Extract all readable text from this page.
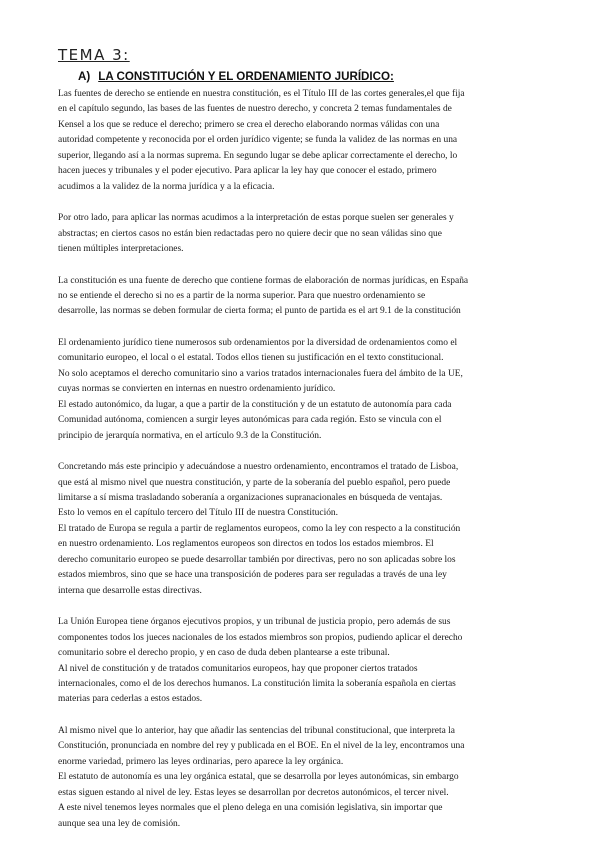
TEMA 3:
A) LA CONSTITUCIÓN Y EL ORDENAMIENTO JURÍDICO:
Las fuentes de derecho se entiende en nuestra constitución, es el Título III de las cortes generales,el que fija
en el capítulo segundo, las bases de las fuentes de nuestro derecho, y concreta 2 temas fundamentales de
Kensel a los que se reduce el derecho; primero se crea el derecho elaborando normas válidas con una
autoridad competente y reconocida por el orden jurídico vigente; se funda la validez de las normas en una
superior, llegando así a la normas suprema. En segundo lugar se debe aplicar correctamente el derecho, lo
hacen jueces y tribunales y el poder ejecutivo. Para aplicar la ley hay que conocer el estado, primero
acudimos a la validez de la norma jurídica y a la eficacia.
Por otro lado, para aplicar las normas acudimos a la interpretación de estas porque suelen ser generales y
abstractas; en ciertos casos no están bien redactadas pero no quiere decir que no sean válidas sino que
tienen múltiples interpretaciones.
La constitución es una fuente de derecho que contiene formas de elaboración de normas jurídicas, en España
no se entiende el derecho si no es a partir de la norma superior. Para que nuestro ordenamiento se
desarrolle, las normas se deben formular de cierta forma; el punto de partida es el art 9.1 de la constitución
El ordenamiento jurídico tiene numerosos sub ordenamientos por la diversidad de ordenamientos como el
comunitario europeo, el local o el estatal. Todos ellos tienen su justificación en el texto constitucional.
No solo aceptamos el derecho comunitario sino a varios tratados internacionales fuera del ámbito de la UE,
cuyas normas se convierten en internas en nuestro ordenamiento jurídico.
El estado autonómico, da lugar, a que a partir de la constitución y de un estatuto de autonomía para cada
Comunidad autónoma, comiencen a surgir leyes autonómicas para cada región. Esto se vincula con el
principio de jerarquía normativa, en el artículo 9.3 de la Constitución.
Concretando más este principio y adecuándose a nuestro ordenamiento, encontramos el tratado de Lisboa,
que está al mismo nivel que nuestra constitución, y parte de la soberanía del pueblo español, pero puede
limitarse a sí misma trasladando soberanía a organizaciones supranacionales en búsqueda de ventajas.
Esto lo vemos en el capítulo tercero del Título III de nuestra Constitución.
El tratado de Europa se regula a partir de reglamentos europeos, como la ley con respecto a la constitución
en nuestro ordenamiento. Los reglamentos europeos son directos en todos los estados miembros. El
derecho comunitario europeo se puede desarrollar también por directivas, pero no son aplicadas sobre los
estados miembros, sino que se hace una transposición de poderes para ser reguladas a través de una ley
interna que desarrolle estas directivas.
La Unión Europea tiene órganos ejecutivos propios, y un tribunal de justicia propio, pero además de sus
componentes todos los jueces nacionales de los estados miembros son propios, pudiendo aplicar el derecho
comunitario sobre el derecho propio, y en caso de duda deben plantearse a este tribunal.
Al nivel de constitución y de tratados comunitarios europeos, hay que proponer ciertos tratados
internacionales, como el de los derechos humanos. La constitución limita la soberanía española en ciertas
materias para cederlas a estos estados.
Al mismo nivel que lo anterior, hay que añadir las sentencias del tribunal constitucional, que interpreta la
Constitución, pronunciada en nombre del rey y publicada en el BOE. En el nivel de la ley, encontramos una
enorme variedad, primero las leyes ordinarias, pero aparece la ley orgánica.
El estatuto de autonomía es una ley orgánica estatal, que se desarrolla por leyes autonómicas, sin embargo
estas siguen estando al nivel de ley. Estas leyes se desarrollan por decretos autonómicos, el tercer nivel.
A este nivel tenemos leyes normales que el pleno delega en una comisión legislativa, sin importar que
aunque sea una ley de comisión.
